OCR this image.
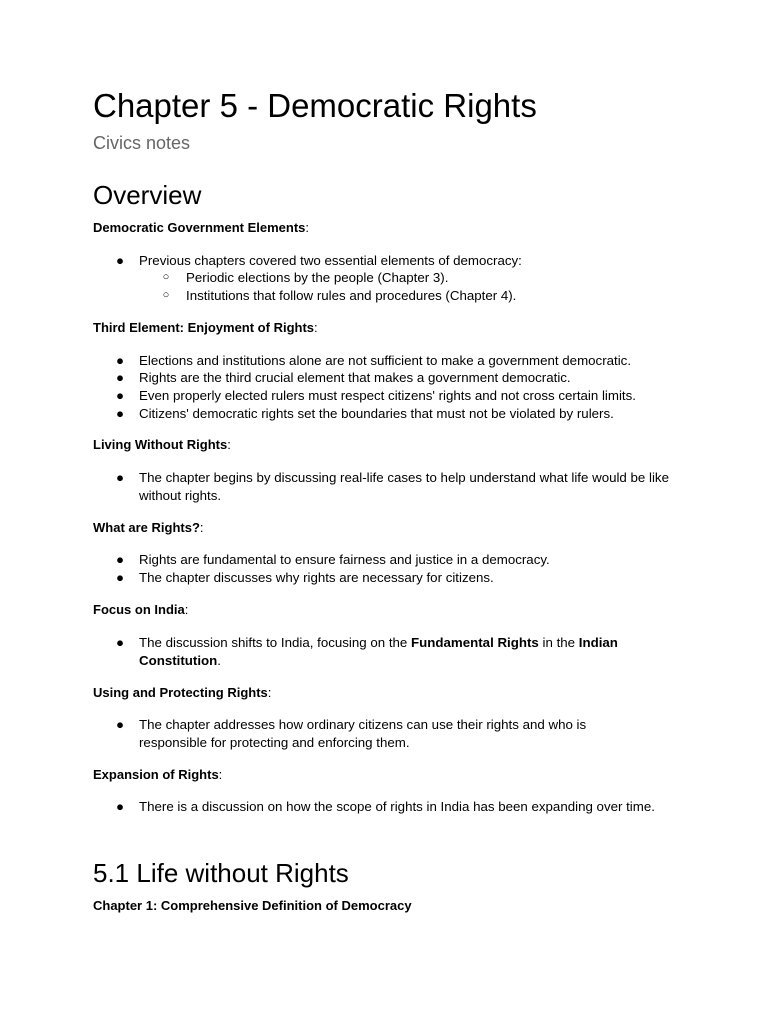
Chapter 5 - Democratic Rights

Civics notes

Overview

Democratic Government Elements:

● Previous chapters covered two essential elements of democracy:
○ Periodic elections by the people (Chapter 3).
○ Institutions that follow rules and procedures (Chapter 4).

Third Element: Enjoyment of Rights:

● Elections and institutions alone are not sufficient to make a government democratic.
● Rights are the third crucial element that makes a government democratic.
● Even properly elected rulers must respect citizens' rights and not cross certain limits.
● Citizens' democratic rights set the boundaries that must not be violated by rulers.

Living Without Rights:

● The chapter begins by discussing real-life cases to help understand what life would be like without rights.

What are Rights?:

● Rights are fundamental to ensure fairness and justice in a democracy.
● The chapter discusses why rights are necessary for citizens.

Focus on India:

● The discussion shifts to India, focusing on the Fundamental Rights in the Indian Constitution.

Using and Protecting Rights:

● The chapter addresses how ordinary citizens can use their rights and who is responsible for protecting and enforcing them.

Expansion of Rights:

● There is a discussion on how the scope of rights in India has been expanding over time.
5.1 Life without Rights

Chapter 1: Comprehensive Definition of Democracy
